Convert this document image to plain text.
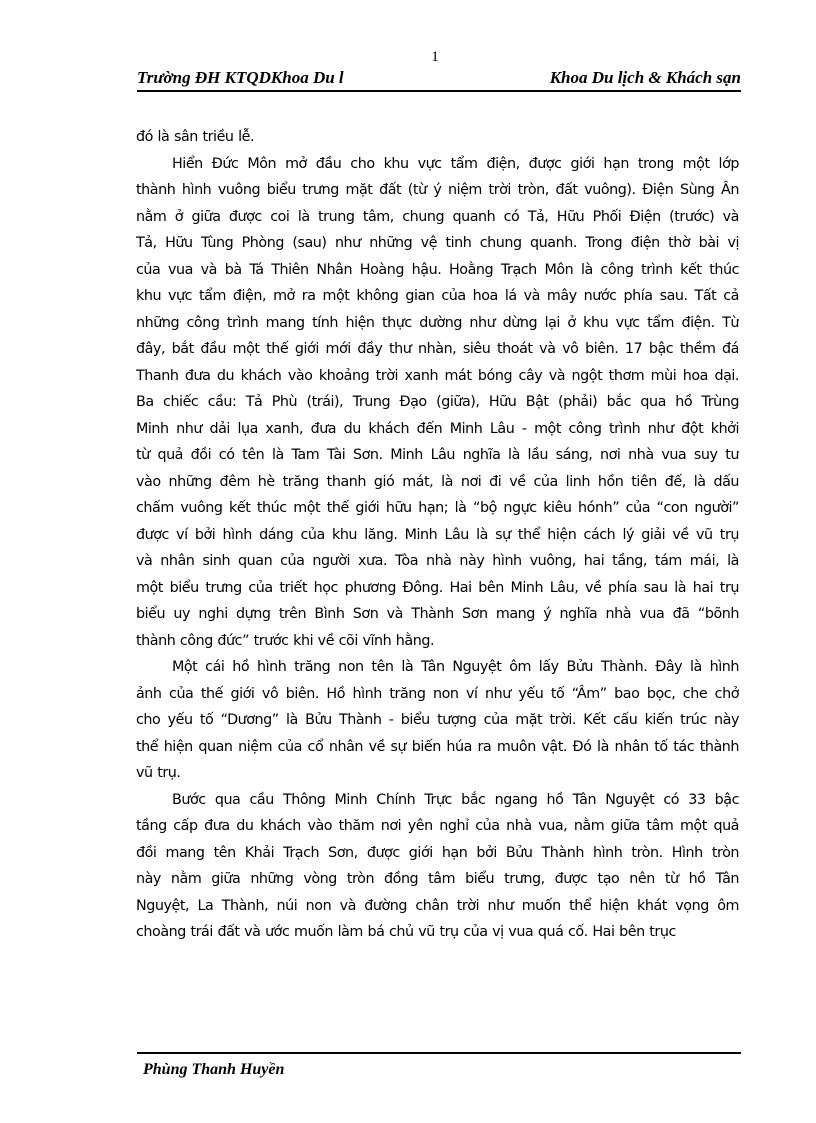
1
Trường ĐH KTQDKhoa Du l	Khoa Du lịch & Khách sạn
đó là sân triều lễ.
Hiển Đức Môn mở đầu cho khu vực tẩm điện, được giới hạn trong một lớp
thành hình vuông biểu trưng mặt đất (từ ý niệm trời tròn, đất vuông). Điện Sùng Ân
nằm ở giữa được coi là trung tâm, chung quanh có Tả, Hữu Phối Điện (trước) và
Tả, Hữu Tùng Phòng (sau) như những vệ tinh chung quanh. Trong điện thờ bài vị
của vua và bà Tá Thiên Nhân Hoàng hậu. Hoằng Trạch Môn là công trình kết thúc
khu vực tẩm điện, mở ra một không gian của hoa lá và mây nước phía sau. Tất cả
những công trình mang tính hiện thực dường như dừng lại ở khu vực tẩm điện. Từ
đây, bắt đầu một thế giới mới đầy thư nhàn, siêu thoát và vô biên. 17 bậc thềm đá
Thanh đưa du khách vào khoảng trời xanh mát bóng cây và ngột thơm mùi hoa dại.
Ba chiếc cầu: Tả Phù (trái), Trung Đạo (giữa), Hữu Bật (phải) bắc qua hồ Trùng
Minh như dải lụa xanh, đưa du khách đến Minh Lâu - một công trình như đột khởi
từ quả đồi có tên là Tam Tài Sơn. Minh Lâu nghĩa là lầu sáng, nơi nhà vua suy tư
vào những đêm hè trăng thanh gió mát, là nơi đi về của linh hồn tiên đế, là dấu
chấm vuông kết thúc một thế giới hữu hạn; là “bộ ngực kiêu hónh” của “con người”
được ví bởi hình dáng của khu lăng. Minh Lâu là sự thể hiện cách lý giải về vũ trụ
và nhân sinh quan của người xưa. Tòa nhà này hình vuông, hai tầng, tám mái, là
một biểu trưng của triết học phương Đông. Hai bên Minh Lâu, về phía sau là hai trụ
biểu uy nghi dựng trên Bình Sơn và Thành Sơn mang ý nghĩa nhà vua đã “bõnh
thành công đức” trước khi về cõi vĩnh hằng.
Một cái hồ hình trăng non tên là Tân Nguyệt ôm lấy Bửu Thành. Đây là hình
ảnh của thế giới vô biên. Hồ hình trăng non ví như yếu tố “Âm” bao bọc, che chở
cho yếu tố “Dương” là Bửu Thành - biểu tượng của mặt trời. Kết cấu kiến trúc này
thể hiện quan niệm của cổ nhân về sự biến húa ra muôn vật. Đó là nhân tố tác thành
vũ trụ.
Bước qua cầu Thông Minh Chính Trực bắc ngang hồ Tân Nguyệt có 33 bậc
tầng cấp đưa du khách vào thăm nơi yên nghỉ của nhà vua, nằm giữa tâm một quả
đồi mang tên Khải Trạch Sơn, được giới hạn bởi Bửu Thành hình tròn. Hình tròn
này nằm giữa những vòng tròn đồng tâm biểu trưng, được tạo nên từ hồ Tân
Nguyệt, La Thành, núi non và đường chân trời như muốn thể hiện khát vọng ôm
choàng trái đất và ước muốn làm bá chủ vũ trụ của vị vua quá cố. Hai bên trục
Phùng Thanh Huyền
